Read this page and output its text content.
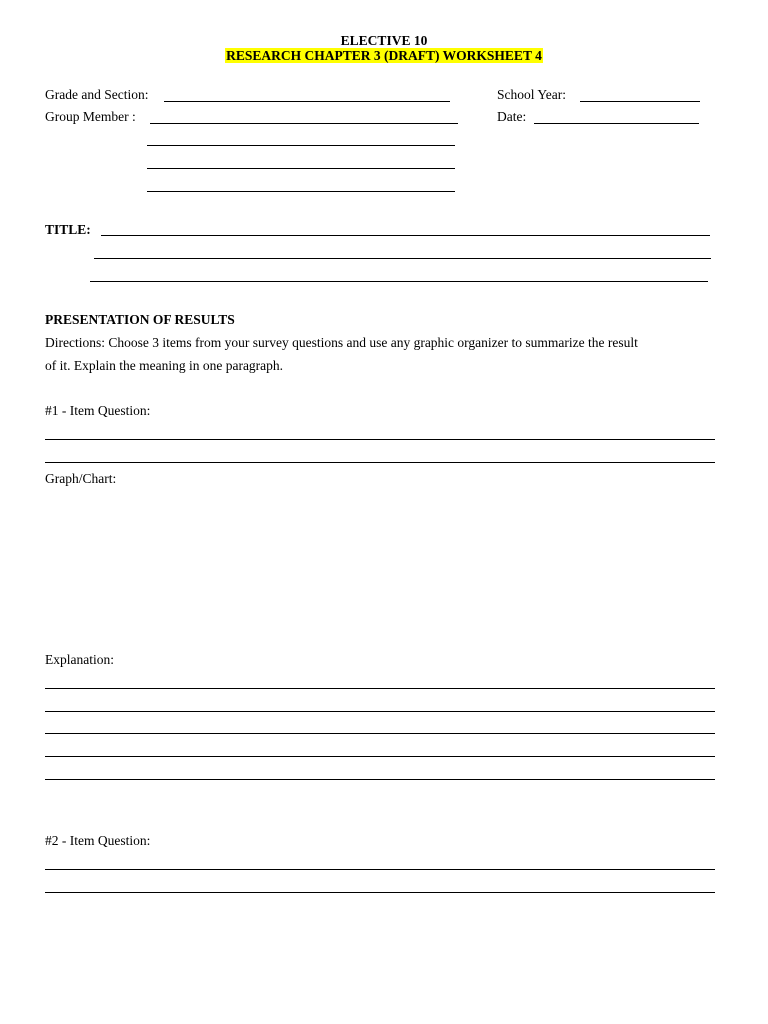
ELECTIVE 10
RESEARCH CHAPTER 3 (DRAFT) WORKSHEET 4
Grade and Section:	School Year:
Group Member :	Date:
TITLE:
PRESENTATION OF RESULTS
Directions: Choose 3 items from your survey questions and use any graphic organizer to summarize the result
of it. Explain the meaning in one paragraph.
#1 - Item Question:
Graph/Chart:
Explanation:
#2 - Item Question:
